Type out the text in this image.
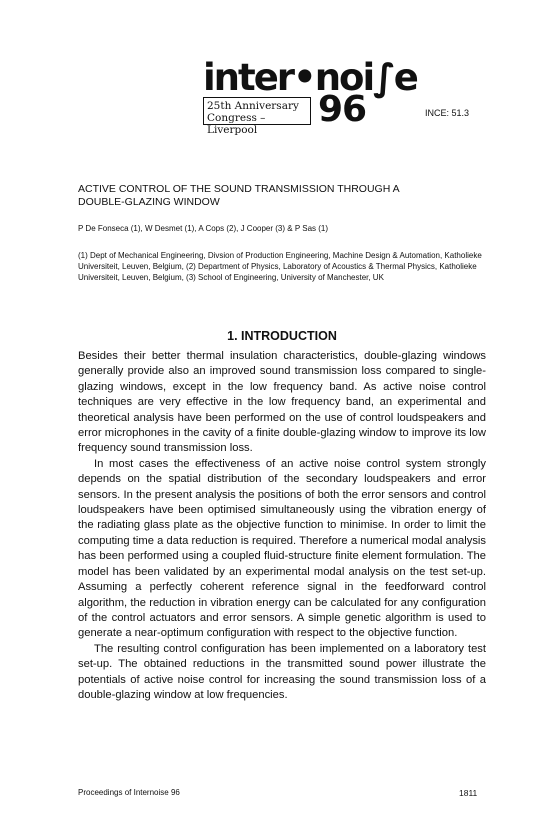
inter•noi∫e
25th Anniversary
Congress – Liverpool	96	INCE: 51.3
ACTIVE CONTROL OF THE SOUND TRANSMISSION THROUGH A
DOUBLE-GLAZING WINDOW
P De Fonseca (1), W Desmet (1), A Cops (2), J Cooper (3) & P Sas (1)
(1) Dept of Mechanical Engineering, Divsion of Production Engineering, Machine Design & Automation, Katholieke Universiteit, Leuven, Belgium, (2) Department of Physics, Laboratory of Acoustics & Thermal Physics, Katholieke Universiteit, Leuven, Belgium, (3) School of Engineering, University of Manchester, UK
1. INTRODUCTION

Besides their better thermal insulation characteristics, double-glazing windows generally provide also an improved sound transmission loss compared to single-glazing windows, except in the low frequency band. As active noise control techniques are very effective in the low frequency band, an experimental and theoretical analysis have been performed on the use of control loudspeakers and error microphones in the cavity of a finite double-glazing window to improve its low frequency sound transmission loss.

In most cases the effectiveness of an active noise control system strongly depends on the spatial distribution of the secondary loudspeakers and error sensors. In the present analysis the positions of both the error sensors and control loudspeakers have been optimised simultaneously using the vibration energy of the radiating glass plate as the objective function to minimise. In order to limit the computing time a data reduction is required. Therefore a numerical modal analysis has been performed using a coupled fluid-structure finite element formulation. The model has been validated by an experimental modal analysis on the test set-up. Assuming a perfectly coherent reference signal in the feedforward control algorithm, the reduction in vibration energy can be calculated for any configuration of the control actuators and error sensors. A simple genetic algorithm is used to generate a near-optimum configuration with respect to the objective function.

The resulting control configuration has been implemented on a laboratory test set-up. The obtained reductions in the transmitted sound power illustrate the potentials of active noise control for increasing the sound transmission loss of a double-glazing window at low frequencies.

Proceedings of Internoise 96	1811
